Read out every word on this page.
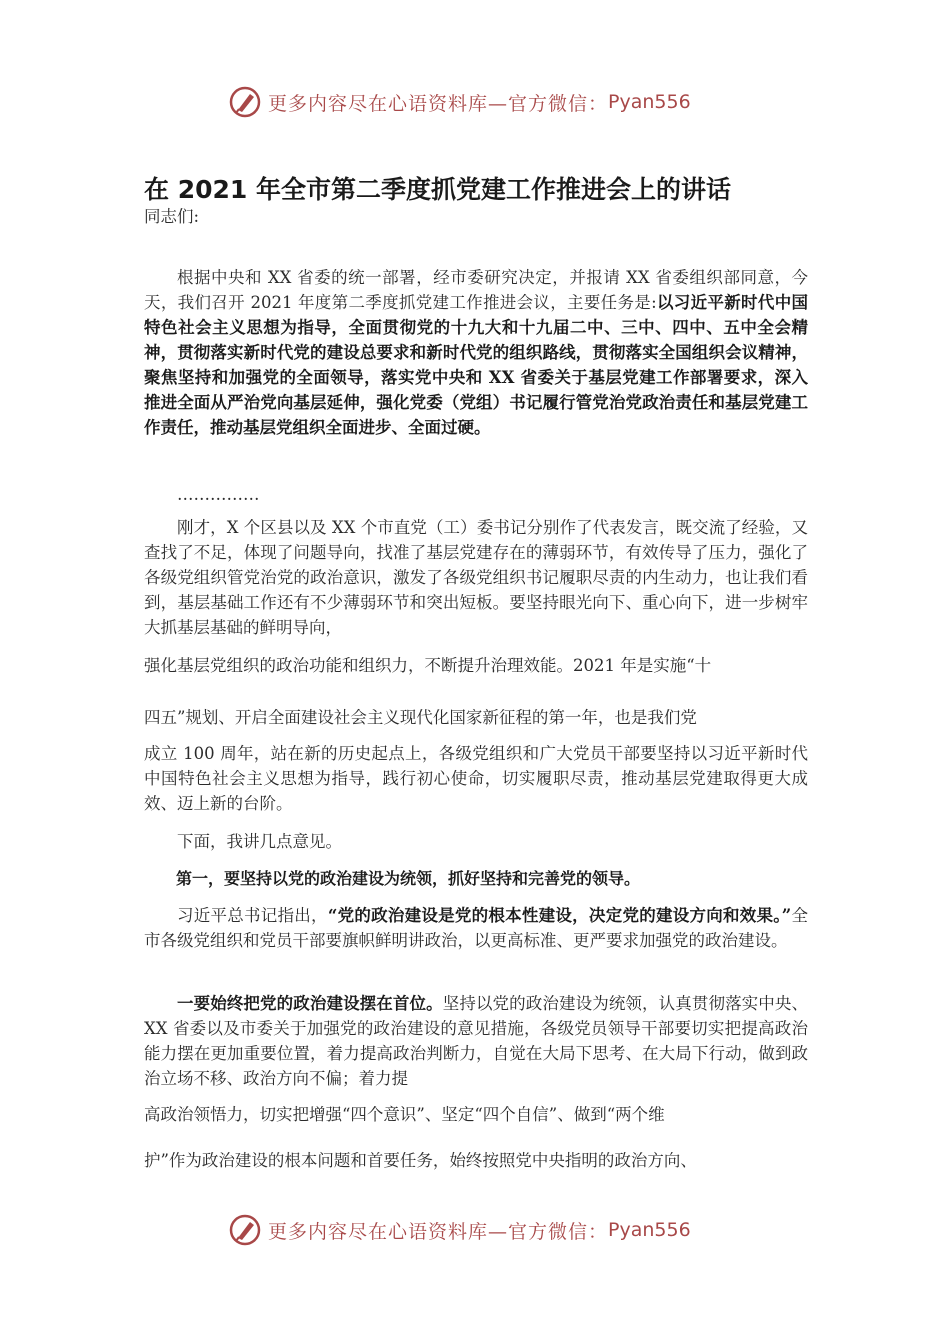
更多内容尽在心语资料库—官方微信： Pyan556
在 2021 年全市第二季度抓党建工作推进会上的讲话

同志们:

根据中央和 XX 省委的统一部署，经市委研究决定，并报请 XX 省委组织部同意，今天，我们召开 2021 年度第二季度抓党建工作推进会议，主要任务是:以习近平新时代中国特色社会主义思想为指导，全面贯彻党的十九大和十九届二中、三中、四中、五中全会精神，贯彻落实新时代党的建设总要求和新时代党的组织路线，贯彻落实全国组织会议精神，聚焦坚持和加强党的全面领导，落实党中央和 XX 省委关于基层党建工作部署要求，深入推进全面从严治党向基层延伸，强化党委（党组）书记履行管党治党政治责任和基层党建工作责任，推动基层党组织全面进步、全面过硬。

……………

刚才，X 个区县以及 XX 个市直党（工）委书记分别作了代表发言，既交流了经验，又查找了不足，体现了问题导向，找准了基层党建存在的薄弱环节，有效传导了压力，强化了各级党组织管党治党的政治意识，激发了各级党组织书记履职尽责的内生动力，也让我们看到，基层基础工作还有不少薄弱环节和突出短板。要坚持眼光向下、重心向下，进一步树牢大抓基层基础的鲜明导向，

强化基层党组织的政治功能和组织力，不断提升治理效能。2021 年是实施“十

四五”规划、开启全面建设社会主义现代化国家新征程的第一年，也是我们党

成立 100 周年，站在新的历史起点上，各级党组织和广大党员干部要坚持以习近平新时代中国特色社会主义思想为指导，践行初心使命，切实履职尽责，推动基层党建取得更大成效、迈上新的台阶。

下面，我讲几点意见。

第一，要坚持以党的政治建设为统领，抓好坚持和完善党的领导。

习近平总书记指出，“党的政治建设是党的根本性建设，决定党的建设方向和效果。”全市各级党组织和党员干部要旗帜鲜明讲政治，以更高标准、更严要求加强党的政治建设。

一要始终把党的政治建设摆在首位。坚持以党的政治建设为统领，认真贯彻落实中央、XX 省委以及市委关于加强党的政治建设的意见措施，各级党员领导干部要切实把提高政治能力摆在更加重要位置，着力提高政治判断力，自觉在大局下思考、在大局下行动，做到政治立场不移、政治方向不偏；着力提

高政治领悟力，切实把增强“四个意识”、坚定“四个自信”、做到“两个维

护”作为政治建设的根本问题和首要任务，始终按照党中央指明的政治方向、

更多内容尽在心语资料库—官方微信： Pyan556
